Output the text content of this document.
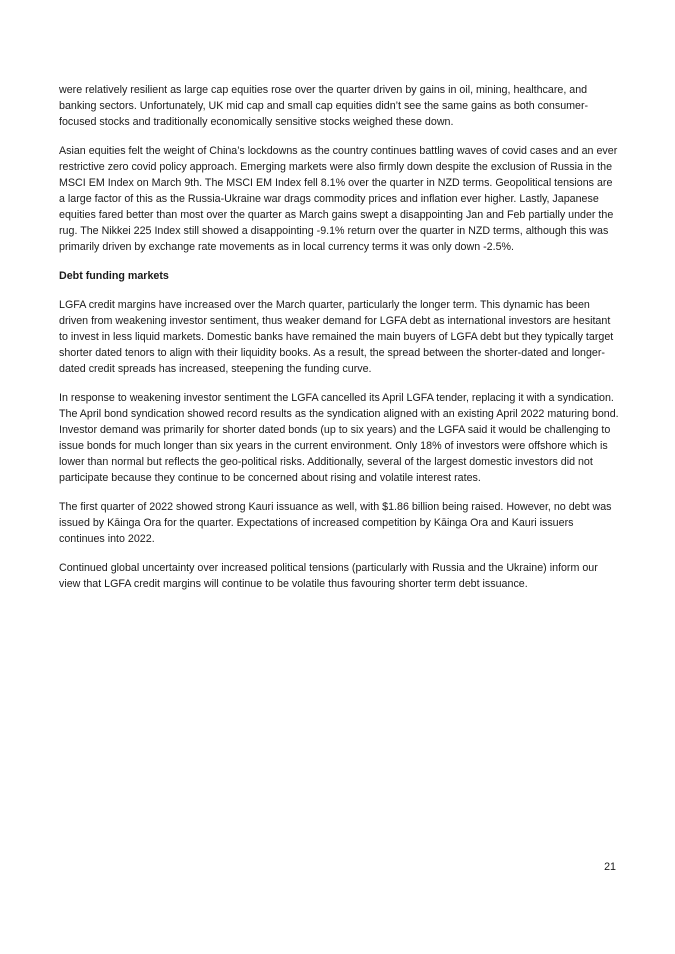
were relatively resilient as large cap equities rose over the quarter driven by gains in oil, mining, healthcare, and banking sectors. Unfortunately, UK mid cap and small cap equities didn’t see the same gains as both consumer-focused stocks and traditionally economically sensitive stocks weighed these down.

Asian equities felt the weight of China’s lockdowns as the country continues battling waves of covid cases and an ever restrictive zero covid policy approach. Emerging markets were also firmly down despite the exclusion of Russia in the MSCI EM Index on March 9th. The MSCI EM Index fell 8.1% over the quarter in NZD terms. Geopolitical tensions are a large factor of this as the Russia-Ukraine war drags commodity prices and inflation ever higher. Lastly, Japanese equities fared better than most over the quarter as March gains swept a disappointing Jan and Feb partially under the rug. The Nikkei 225 Index still showed a disappointing -9.1% return over the quarter in NZD terms, although this was primarily driven by exchange rate movements as in local currency terms it was only down -2.5%.

Debt funding markets

LGFA credit margins have increased over the March quarter, particularly the longer term. This dynamic has been driven from weakening investor sentiment, thus weaker demand for LGFA debt as international investors are hesitant to invest in less liquid markets. Domestic banks have remained the main buyers of LGFA debt but they typically target shorter dated tenors to align with their liquidity books. As a result, the spread between the shorter-dated and longer-dated credit spreads has increased, steepening the funding curve.

In response to weakening investor sentiment the LGFA cancelled its April LGFA tender, replacing it with a syndication. The April bond syndication showed record results as the syndication aligned with an existing April 2022 maturing bond. Investor demand was primarily for shorter dated bonds (up to six years) and the LGFA said it would be challenging to issue bonds for much longer than six years in the current environment. Only 18% of investors were offshore which is lower than normal but reflects the geo-political risks. Additionally, several of the largest domestic investors did not participate because they continue to be concerned about rising and volatile interest rates.

The first quarter of 2022 showed strong Kauri issuance as well, with $1.86 billion being raised. However, no debt was issued by Kāinga Ora for the quarter. Expectations of increased competition by Kāinga Ora and Kauri issuers continues into 2022.

Continued global uncertainty over increased political tensions (particularly with Russia and the Ukraine) inform our view that LGFA credit margins will continue to be volatile thus favouring shorter term debt issuance.

21
